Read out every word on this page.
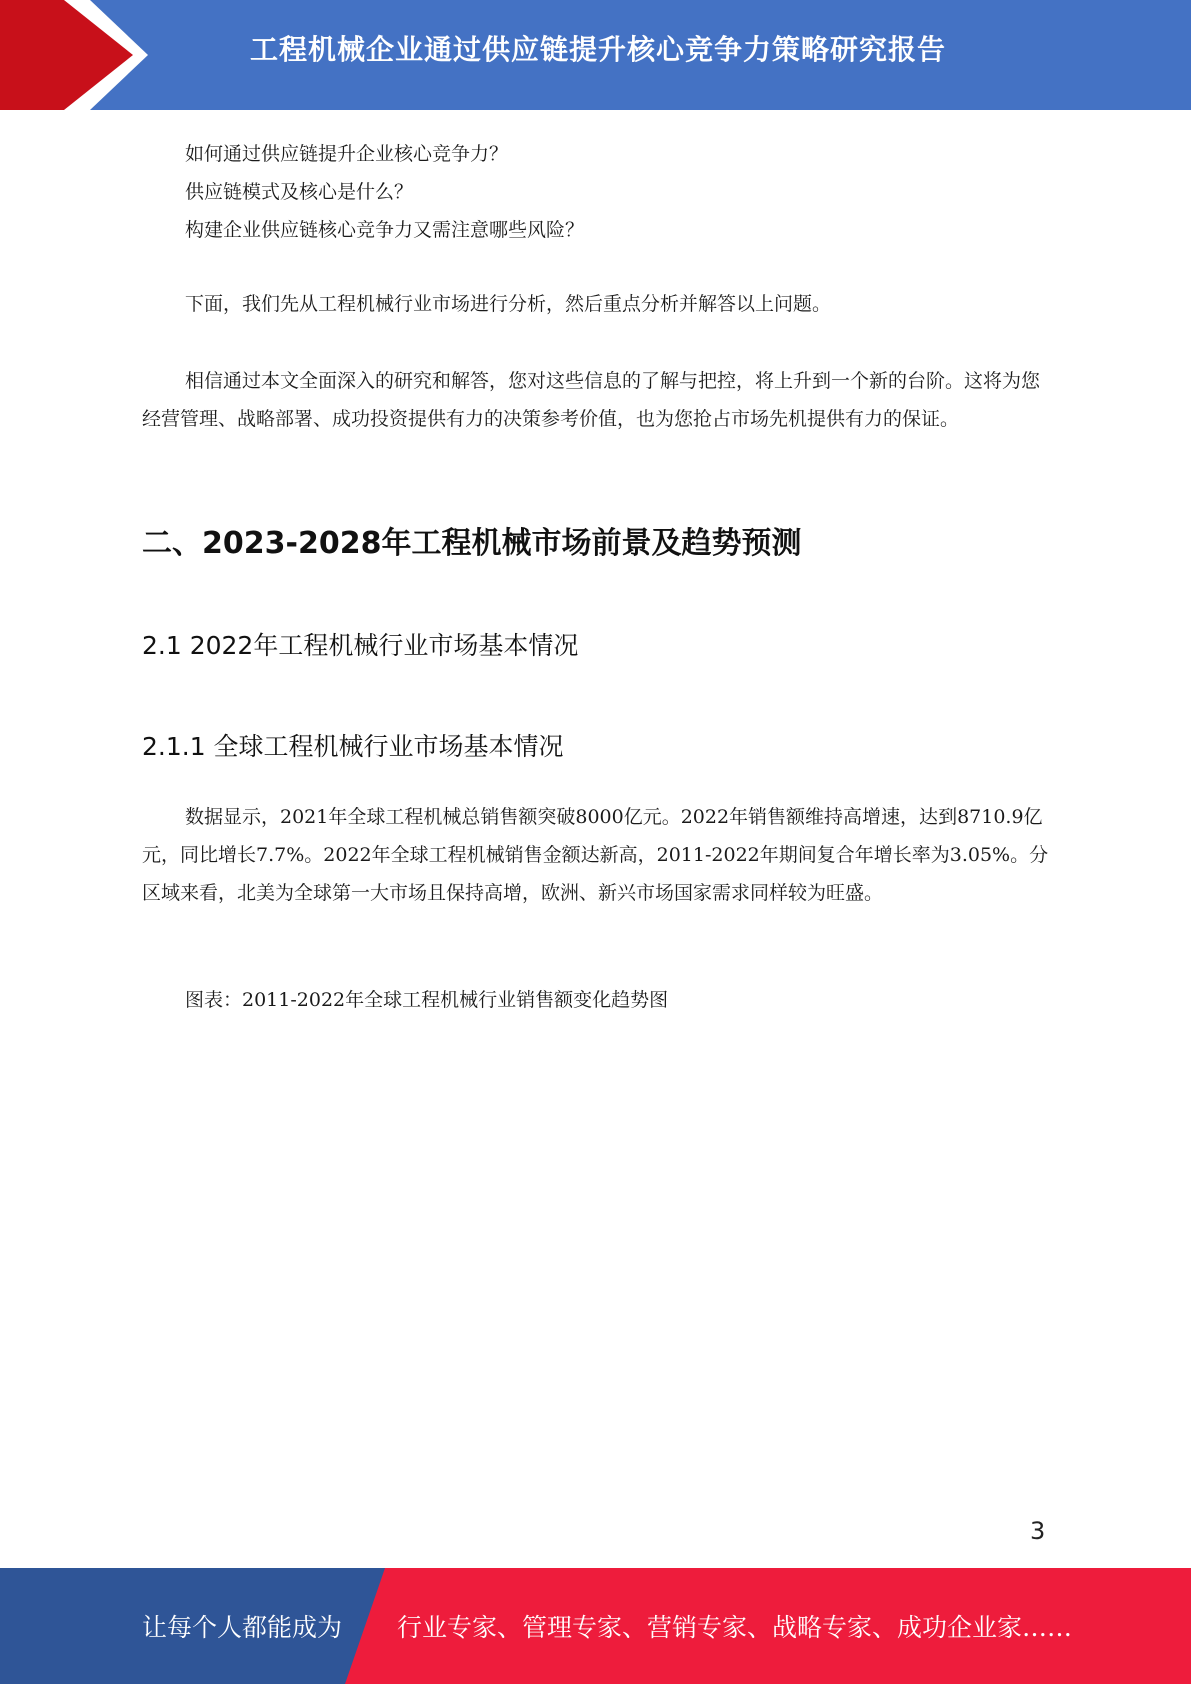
工程机械企业通过供应链提升核心竞争力策略研究报告
如何通过供应链提升企业核心竞争力？
供应链模式及核心是什么？
构建企业供应链核心竞争力又需注意哪些风险？
下面，我们先从工程机械行业市场进行分析，然后重点分析并解答以上问题。
相信通过本文全面深入的研究和解答，您对这些信息的了解与把控，将上升到一个新的台阶。这将为您经营管理、战略部署、成功投资提供有力的决策参考价值，也为您抢占市场先机提供有力的保证。
二、2023-2028年工程机械市场前景及趋势预测
2.1 2022年工程机械行业市场基本情况
2.1.1 全球工程机械行业市场基本情况
数据显示，2021年全球工程机械总销售额突破8000亿元。2022年销售额维持高增速，达到8710.9亿元，同比增长7.7%。2022年全球工程机械销售金额达新高，2011-2022年期间复合年增长率为3.05%。分区域来看，北美为全球第一大市场且保持高增，欧洲、新兴市场国家需求同样较为旺盛。
图表：2011-2022年全球工程机械行业销售额变化趋势图
3
让每个人都能成为 行业专家、管理专家、营销专家、战略专家、成功企业家……
